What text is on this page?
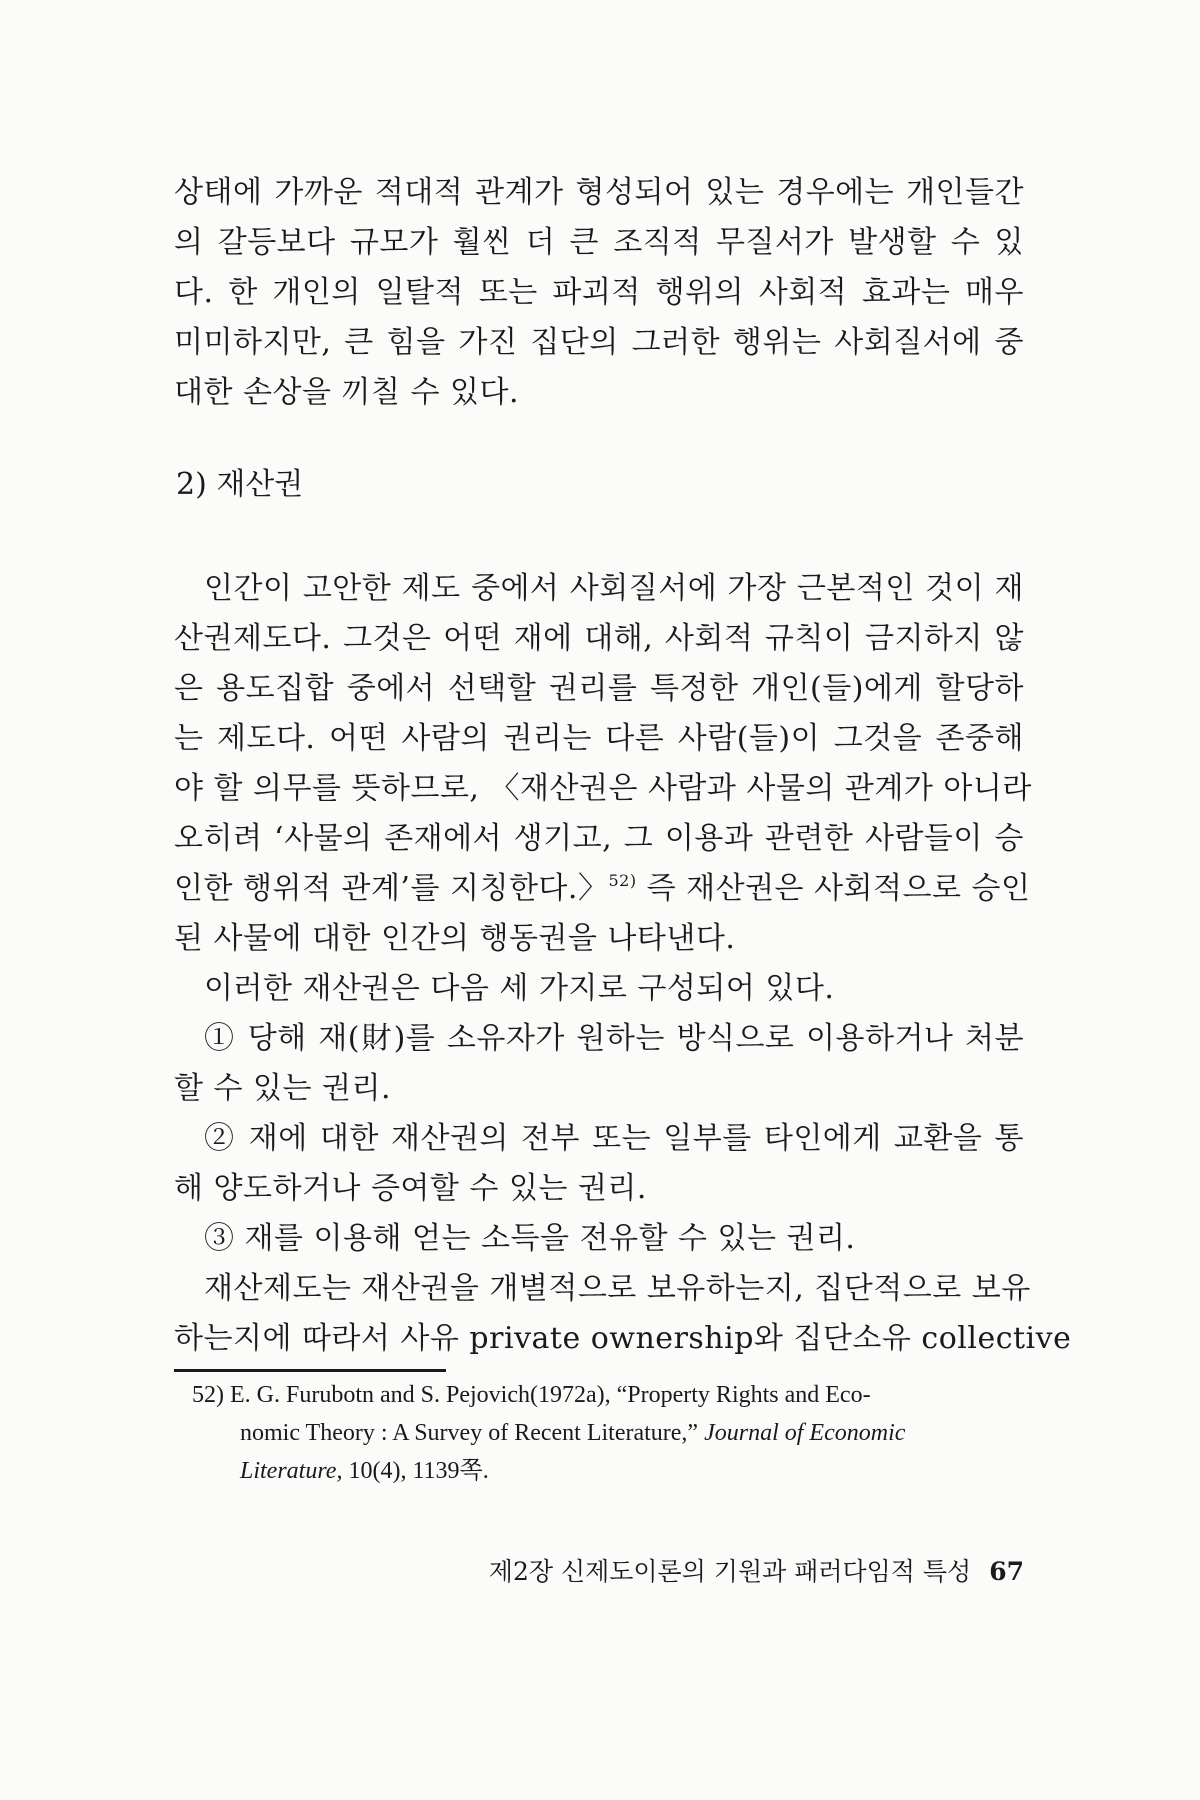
상태에 가까운 적대적 관계가 형성되어 있는 경우에는 개인들간
의 갈등보다 규모가 훨씬 더 큰 조직적 무질서가 발생할 수 있
다. 한 개인의 일탈적 또는 파괴적 행위의 사회적 효과는 매우
미미하지만, 큰 힘을 가진 집단의 그러한 행위는 사회질서에 중
대한 손상을 끼칠 수 있다.
2) 재산권
인간이 고안한 제도 중에서 사회질서에 가장 근본적인 것이 재
산권제도다. 그것은 어떤 재에 대해, 사회적 규칙이 금지하지 않
은 용도집합 중에서 선택할 권리를 특정한 개인(들)에게 할당하
는 제도다. 어떤 사람의 권리는 다른 사람(들)이 그것을 존중해
야 할 의무를 뜻하므로, 〈재산권은 사람과 사물의 관계가 아니라
오히려 ‘사물의 존재에서 생기고, 그 이용과 관련한 사람들이 승
인한 행위적 관계’를 지칭한다.〉$^{52)}$ 즉 재산권은 사회적으로 승인
된 사물에 대한 인간의 행동권을 나타낸다.
이러한 재산권은 다음 세 가지로 구성되어 있다.
① 당해 재(財)를 소유자가 원하는 방식으로 이용하거나 처분
할 수 있는 권리.
② 재에 대한 재산권의 전부 또는 일부를 타인에게 교환을 통
해 양도하거나 증여할 수 있는 권리.
③ 재를 이용해 얻는 소득을 전유할 수 있는 권리.
재산제도는 재산권을 개별적으로 보유하는지, 집단적으로 보유
하는지에 따라서 사유 private ownership와 집단소유 collective
52) E. G. Furubotn and S. Pejovich(1972a), “Property Rights and Eco-
nomic Theory : A Survey of Recent Literature,” Journal of Economic
Literature, 10(4), 1139쪽.
제2장 신제도이론의 기원과 패러다임적 특성 67
